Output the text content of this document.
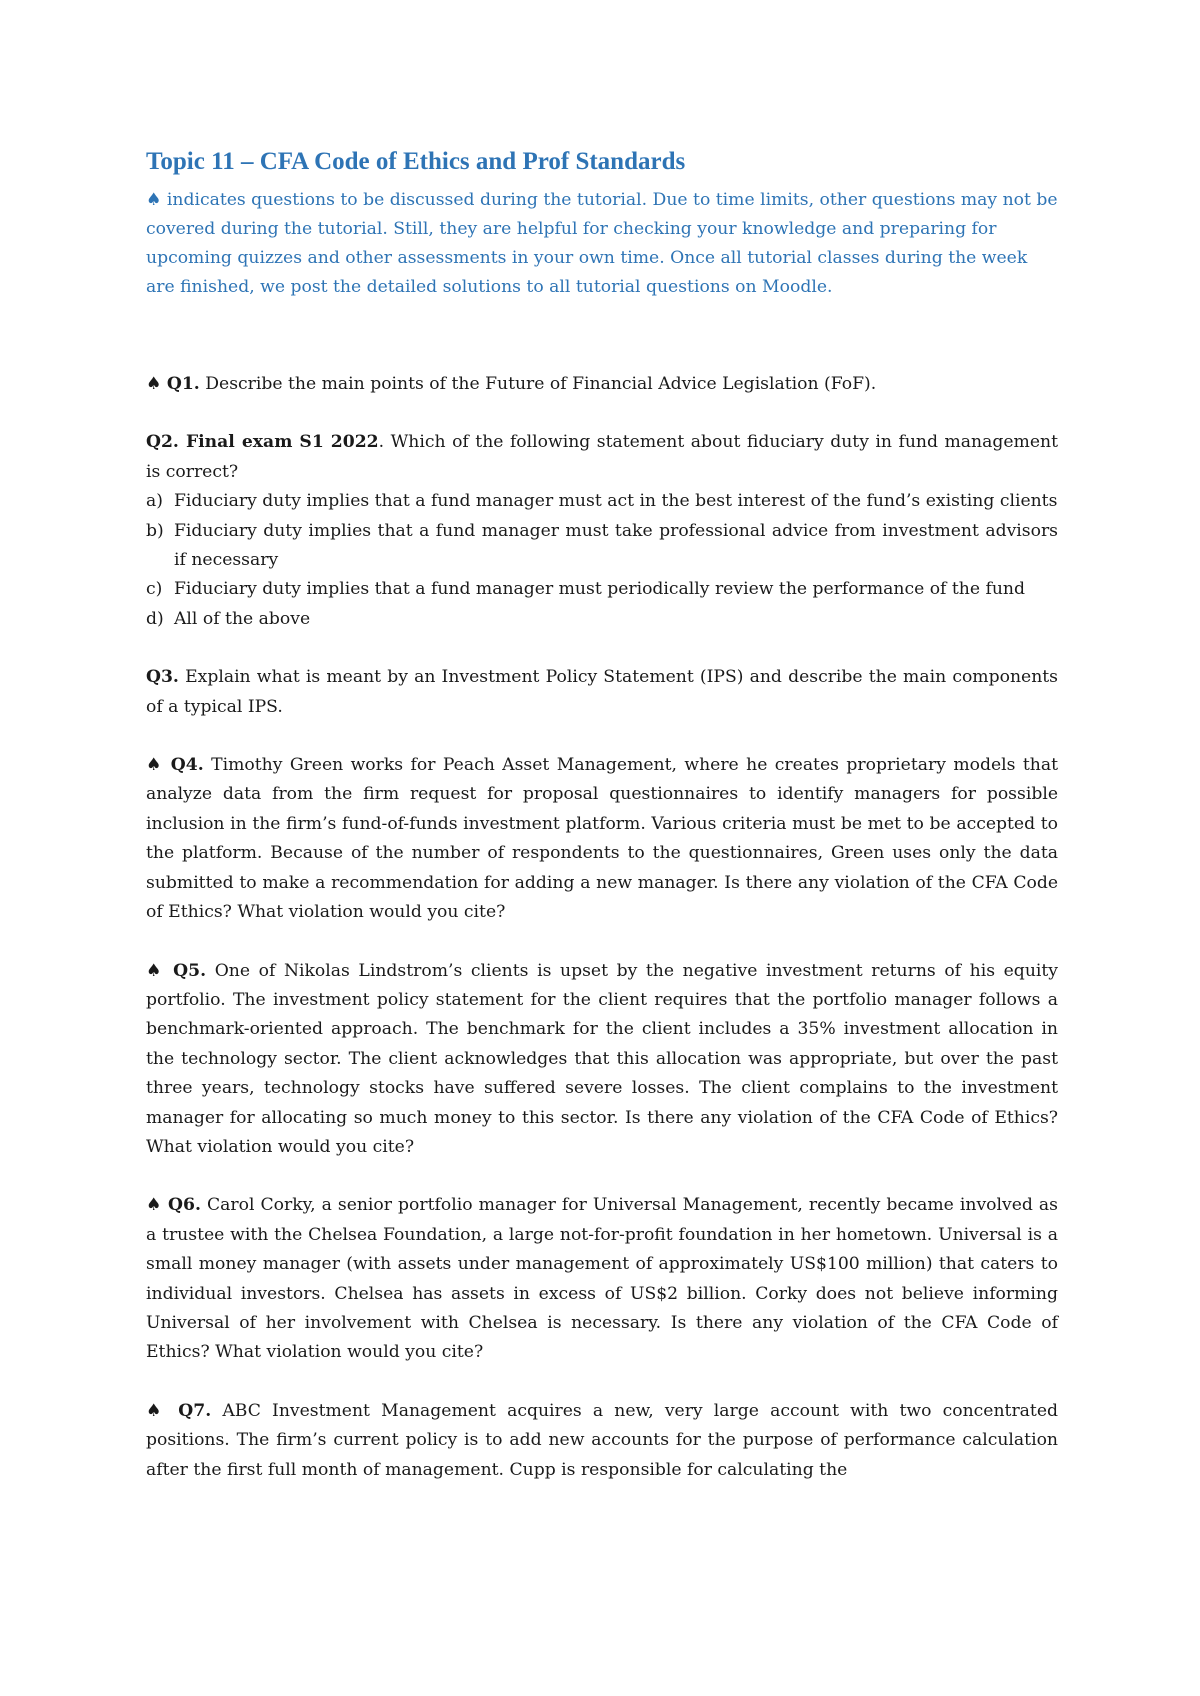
Topic 11 – CFA Code of Ethics and Prof Standards

♠ indicates questions to be discussed during the tutorial. Due to time limits, other questions may not be covered during the tutorial. Still, they are helpful for checking your knowledge and preparing for upcoming quizzes and other assessments in your own time. Once all tutorial classes during the week are finished, we post the detailed solutions to all tutorial questions on Moodle.

♠ Q1. Describe the main points of the Future of Financial Advice Legislation (FoF).

Q2. Final exam S1 2022. Which of the following statement about fiduciary duty in fund management is correct?

a) Fiduciary duty implies that a fund manager must act in the best interest of the fund’s existing clients
b) Fiduciary duty implies that a fund manager must take professional advice from investment advisors if necessary
c) Fiduciary duty implies that a fund manager must periodically review the performance of the fund
d) All of the above

Q3. Explain what is meant by an Investment Policy Statement (IPS) and describe the main components of a typical IPS.

♠ Q4. Timothy Green works for Peach Asset Management, where he creates proprietary models that analyze data from the firm request for proposal questionnaires to identify managers for possible inclusion in the firm’s fund-of-funds investment platform. Various criteria must be met to be accepted to the platform. Because of the number of respondents to the questionnaires, Green uses only the data submitted to make a recommendation for adding a new manager. Is there any violation of the CFA Code of Ethics? What violation would you cite?

♠ Q5. One of Nikolas Lindstrom’s clients is upset by the negative investment returns of his equity portfolio. The investment policy statement for the client requires that the portfolio manager follows a benchmark-oriented approach. The benchmark for the client includes a 35% investment allocation in the technology sector. The client acknowledges that this allocation was appropriate, but over the past three years, technology stocks have suffered severe losses. The client complains to the investment manager for allocating so much money to this sector. Is there any violation of the CFA Code of Ethics? What violation would you cite?

♠ Q6. Carol Corky, a senior portfolio manager for Universal Management, recently became involved as a trustee with the Chelsea Foundation, a large not-for-profit foundation in her hometown. Universal is a small money manager (with assets under management of approximately US$100 million) that caters to individual investors. Chelsea has assets in excess of US$2 billion. Corky does not believe informing Universal of her involvement with Chelsea is necessary. Is there any violation of the CFA Code of Ethics? What violation would you cite?

♠ Q7. ABC Investment Management acquires a new, very large account with two concentrated positions. The firm’s current policy is to add new accounts for the purpose of performance calculation after the first full month of management. Cupp is responsible for calculating the
